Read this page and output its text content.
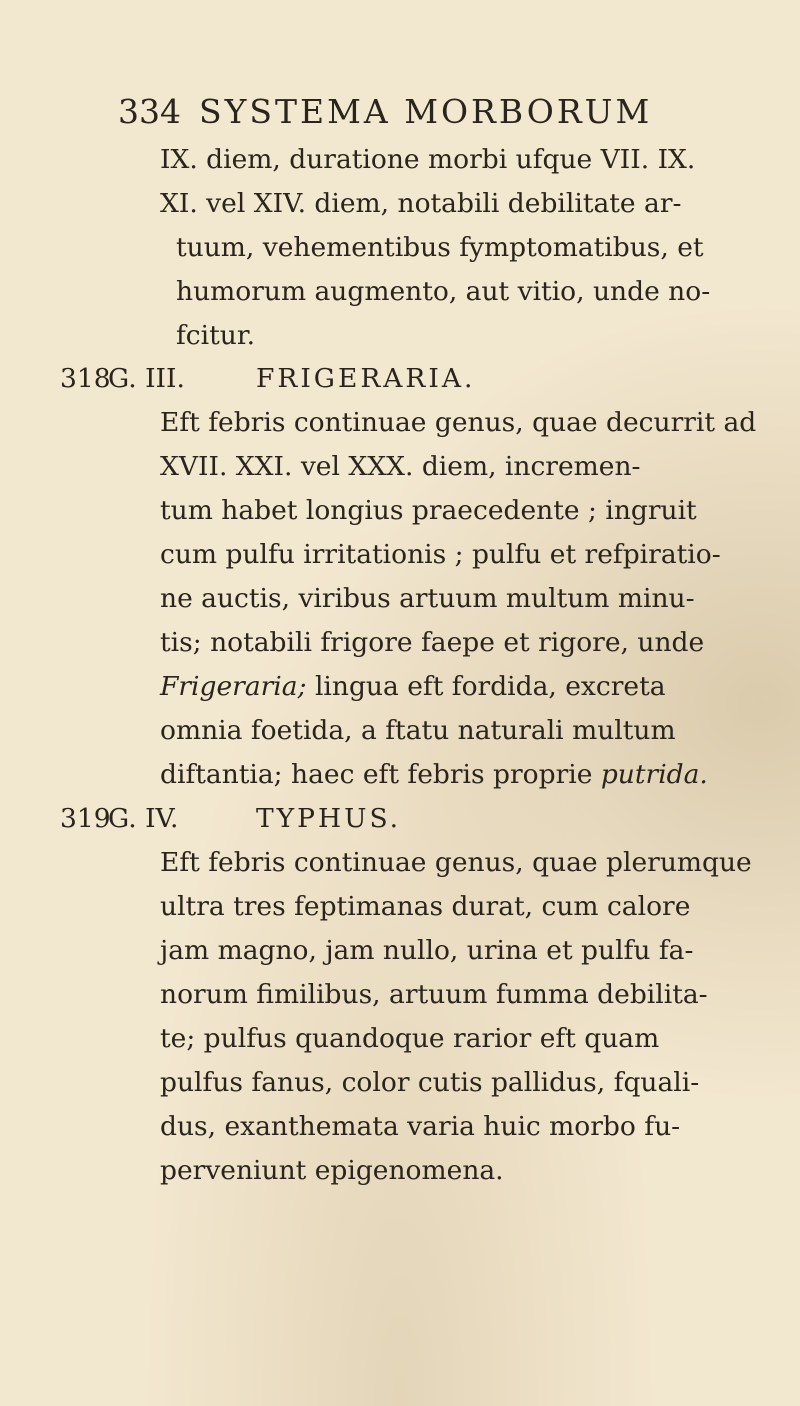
334 SYSTEMA MORBORUM
IX. diem, duratione morbi ufque VII. IX.
XI. vel XIV. diem, notabili debilitate ar-
tuum, vehementibus fymptomatibus, et
humorum augmento, aut vitio, unde no-
fcitur.
318
G. III.	FRIGERARIA.
Eft febris continuae genus, quae decurrit ad
XVII. XXI. vel XXX. diem, incremen-
tum habet longius praecedente ; ingruit
cum pulfu irritationis ; pulfu et refpiratio-
ne auctis, viribus artuum multum minu-
tis; notabili frigore faepe et rigore, unde
Frigeraria; lingua eft fordida, excreta
omnia foetida, a ftatu naturali multum
diftantia; haec eft febris proprie putrida.
319
G. IV.	TYPHUS.
Eft febris continuae genus, quae plerumque
ultra tres feptimanas durat, cum calore
jam magno, jam nullo, urina et pulfu fa-
norum fimilibus, artuum fumma debilita-
te; pulfus quandoque rarior eft quam
pulfus fanus, color cutis pallidus, fquali-
dus, exanthemata varia huic morbo fu-
perveniunt epigenomena.
